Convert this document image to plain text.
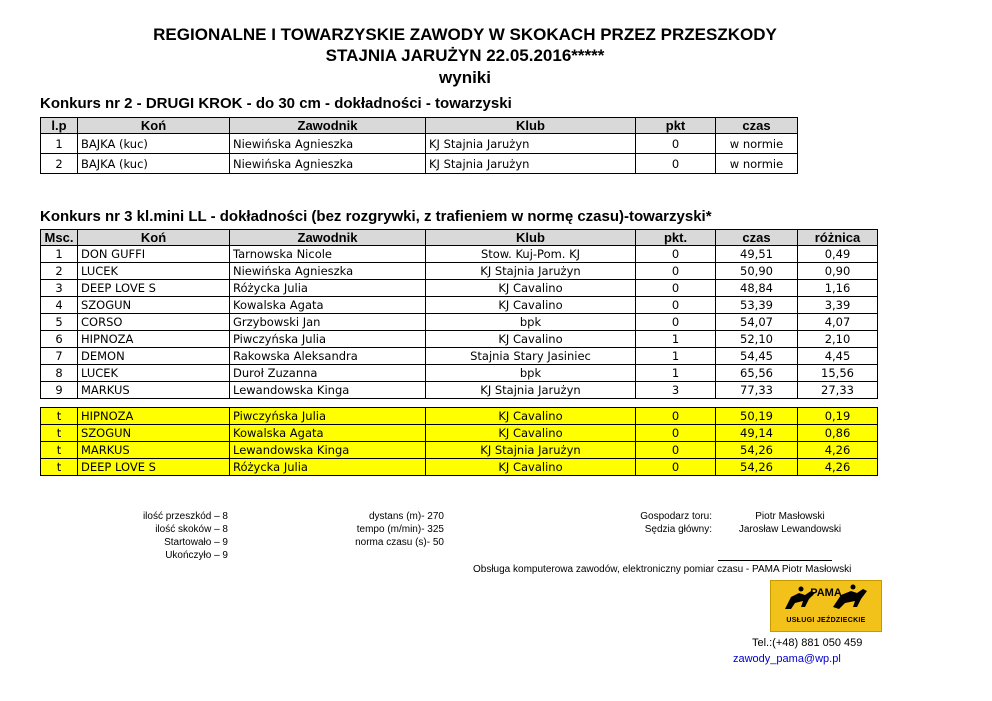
REGIONALNE I TOWARZYSKIE ZAWODY W SKOKACH PRZEZ PRZESZKODY
STAJNIA JARUŻYN 22.05.2016*****
wyniki
Konkurs nr 2 - DRUGI KROK - do 30 cm - dokładności - towarzyski
l.p	Koń	Zawodnik	Klub	pkt	czas
1	BAJKA (kuc)	Niewińska Agnieszka	KJ Stajnia Jarużyn	0	w normie
2	BAJKA (kuc)	Niewińska Agnieszka	KJ Stajnia Jarużyn	0	w normie
Konkurs nr 3 kl.mini LL - dokładności (bez rozgrywki, z trafieniem w normę czasu)-towarzyski*
Msc.	Koń	Zawodnik	Klub	pkt.	czas	różnica
1	DON GUFFI	Tarnowska Nicole	Stow. Kuj-Pom. KJ	0	49,51	0,49
2	LUCEK	Niewińska Agnieszka	KJ Stajnia Jarużyn	0	50,90	0,90
3	DEEP LOVE S	Różycka Julia	KJ Cavalino	0	48,84	1,16
4	SZOGUN	Kowalska Agata	KJ Cavalino	0	53,39	3,39
5	CORSO	Grzybowski Jan	bpk	0	54,07	4,07
6	HIPNOZA	Piwczyńska Julia	KJ Cavalino	1	52,10	2,10
7	DEMON	Rakowska Aleksandra	Stajnia Stary Jasiniec	1	54,45	4,45
8	LUCEK	Duroł Zuzanna	bpk	1	65,56	15,56
9	MARKUS	Lewandowska Kinga	KJ Stajnia Jarużyn	3	77,33	27,33

t	HIPNOZA	Piwczyńska Julia	KJ Cavalino	0	50,19	0,19
t	SZOGUN	Kowalska Agata	KJ Cavalino	0	49,14	0,86
t	MARKUS	Lewandowska Kinga	KJ Stajnia Jarużyn	0	54,26	4,26
t	DEEP LOVE S	Różycka Julia	KJ Cavalino	0	54,26	4,26
ilość przeszkód – 8
ilość skoków – 8
Startowało – 9
Ukończyło – 9
dystans (m)- 270
tempo (m/min)- 325
norma czasu (s)- 50
Gospodarz toru:
Sędzia główny:
Piotr Masłowski
Jarosław Lewandowski
Obsługa komputerowa zawodów, elektroniczny pomiar czasu - PAMA Piotr Masłowski
PAMA
USŁUGI JEŹDZIECKIE
Tel.:(+48) 881 050 459
zawody_pama@wp.pl
